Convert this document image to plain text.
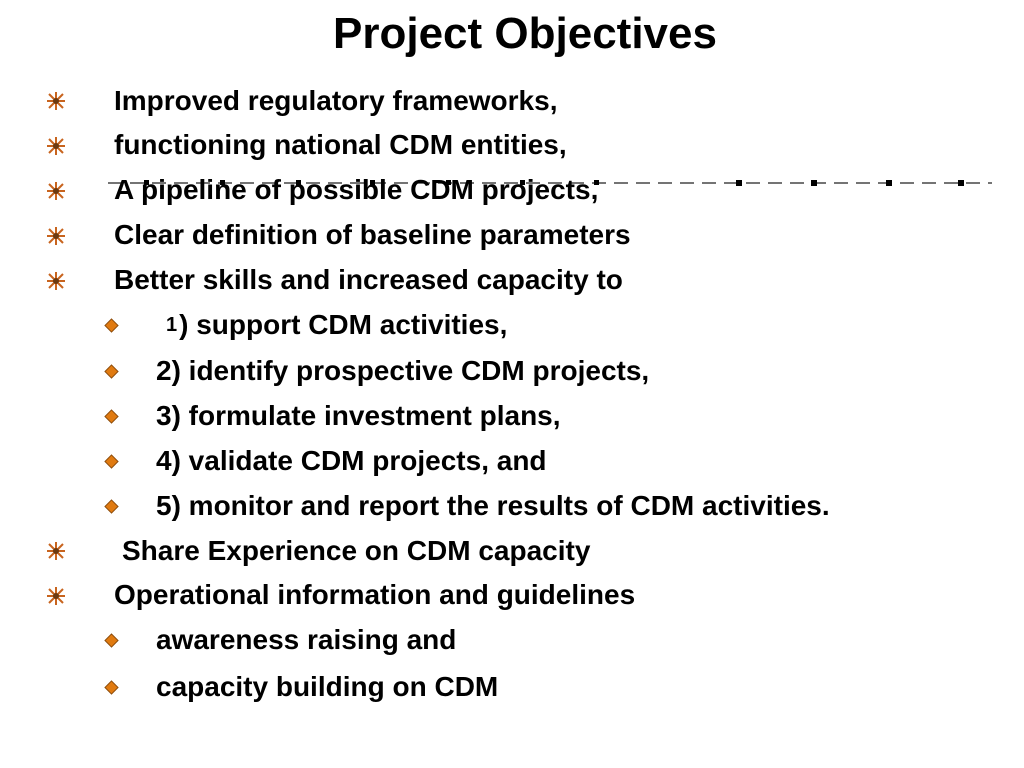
Project Objectives
Improved regulatory frameworks,
functioning national CDM entities,
A pipeline of possible CDM projects,
Clear definition of baseline parameters
Better skills and increased capacity to
1 ) support CDM activities,
2) identify prospective CDM projects,
3) formulate investment plans,
4) validate CDM projects, and
5) monitor and report the results of CDM activities.
Share Experience on CDM capacity
Operational information and guidelines
awareness raising and
capacity building on CDM
